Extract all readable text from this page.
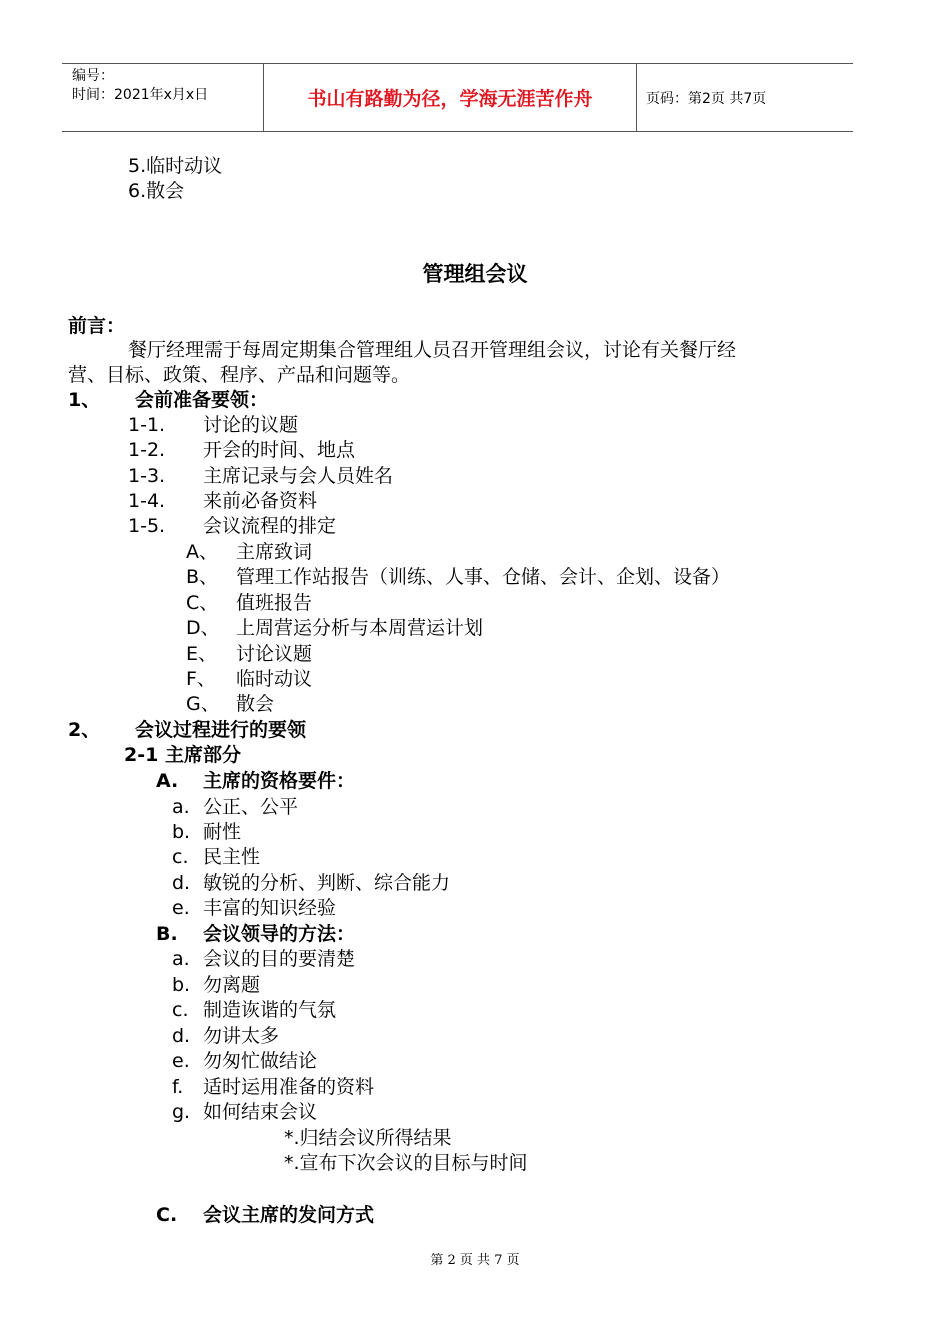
编号：
时间：2021年x月x日	书山有路勤为径，学海无涯苦作舟	页码：第2页 共7页
5.临时动议
6.散会
管理组会议
前言：
餐厅经理需于每周定期集合管理组人员召开管理组会议，讨论有关餐厅经
营、目标、政策、程序、产品和问题等。
1、 会前准备要领：
1-1. 讨论的议题
1-2. 开会的时间、地点
1-3. 主席记录与会人员姓名
1-4. 来前必备资料
1-5. 会议流程的排定
A、 主席致词
B、 管理工作站报告（训练、人事、仓储、会计、企划、设备）
C、 值班报告
D、 上周营运分析与本周营运计划
E、 讨论议题
F、 临时动议
G、 散会
2、 会议过程进行的要领
2-1 主席部分
A. 主席的资格要件：
a. 公正、公平
b. 耐性
c. 民主性
d. 敏锐的分析、判断、综合能力
e. 丰富的知识经验
B. 会议领导的方法：
a. 会议的目的要清楚
b. 勿离题
c. 制造诙谐的气氛
d. 勿讲太多
e. 勿匆忙做结论
f. 适时运用准备的资料
g. 如何结束会议
*.归结会议所得结果
*.宣布下次会议的目标与时间
C. 会议主席的发问方式
第 2 页 共 7 页
